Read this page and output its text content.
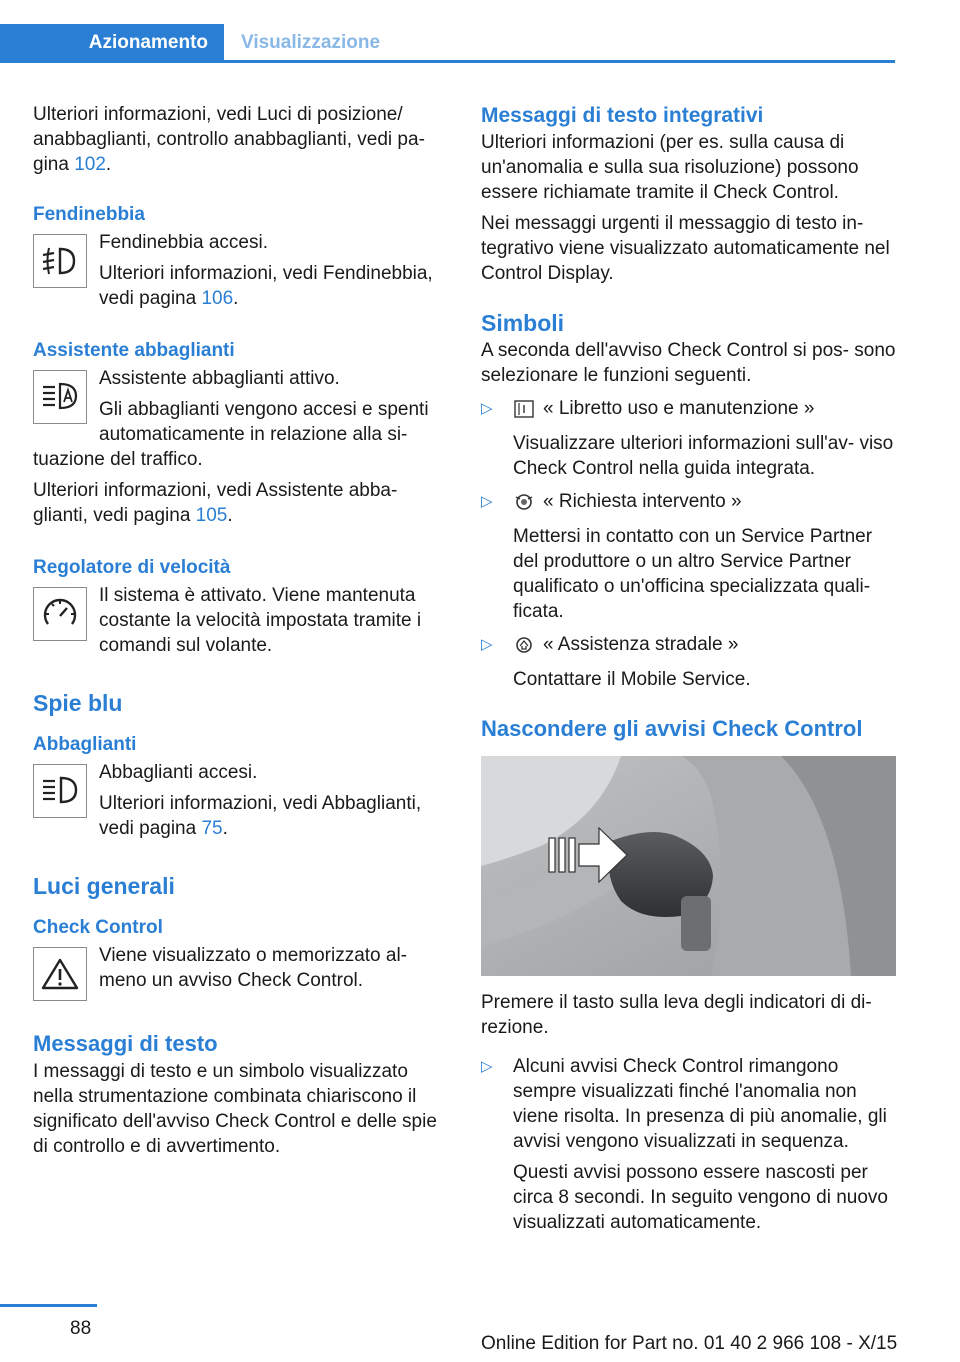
Azionamento	Visualizzazione

Ulteriori informazioni, vedi Luci di posizione/ anabbaglianti, controllo anabbaglianti, vedi pa‐ gina 102.

Fendinebbia

Fendinebbia accesi.

Ulteriori informazioni, vedi Fendinebbia, vedi pagina 106.

Assistente abbaglianti

Assistente abbaglianti attivo.

Gli abbaglianti vengono accesi e spenti automaticamente in relazione alla si‐

tuazione del traffico.

Ulteriori informazioni, vedi Assistente abba‐ glianti, vedi pagina 105.

Regolatore di velocità

Il sistema è attivato. Viene mantenuta costante la velocità impostata tramite i comandi sul volante.

Spie blu
Abbaglianti

Abbaglianti accesi.

Ulteriori informazioni, vedi Abbaglianti, vedi pagina 75.

Luci generali
Check Control

Viene visualizzato o memorizzato al‐ meno un avviso Check Control.

Messaggi di testo

I messaggi di testo e un simbolo visualizzato nella strumentazione combinata chiariscono il significato dell'avviso Check Control e delle spie di controllo e di avvertimento.

Messaggi di testo integrativi

Ulteriori informazioni (per es. sulla causa di un'anomalia e sulla sua risoluzione) possono essere richiamate tramite il Check Control.

Nei messaggi urgenti il messaggio di testo in‐ tegrativo viene visualizzato automaticamente nel Control Display.

Simboli

A seconda dell'avviso Check Control si pos‐ sono selezionare le funzioni seguenti.

▷	« Libretto uso e manutenzione »

Visualizzare ulteriori informazioni sull'av‐ viso Check Control nella guida integrata.

▷	« Richiesta intervento »

Mettersi in contatto con un Service Partner del produttore o un altro Service Partner qualificato o un'officina specializzata quali‐ ficata.

▷	« Assistenza stradale »

Contattare il Mobile Service.

Nascondere gli avvisi Check Control

Premere il tasto sulla leva degli indicatori di di‐ rezione.

▷ Alcuni avvisi Check Control rimangono sempre visualizzati finché l'anomalia non viene risolta. In presenza di più anomalie, gli avvisi vengono visualizzati in sequenza.

Questi avvisi possono essere nascosti per circa 8 secondi. In seguito vengono di nuovo visualizzati automaticamente.

88
Online Edition for Part no. 01 40 2 966 108 - X/15
